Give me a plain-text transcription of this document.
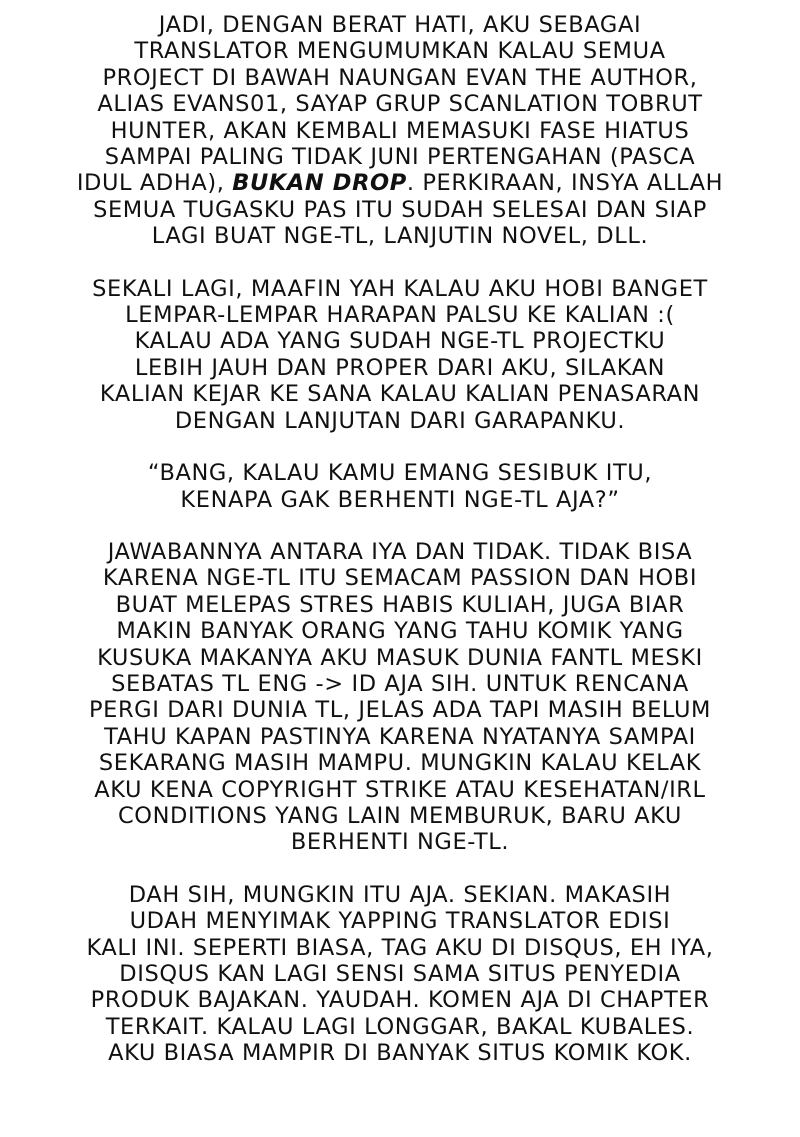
JADI, DENGAN BERAT HATI, AKU SEBAGAI
TRANSLATOR MENGUMUMKAN KALAU SEMUA
PROJECT DI BAWAH NAUNGAN EVAN THE AUTHOR,
ALIAS EVANS01, SAYAP GRUP SCANLATION TOBRUT
HUNTER, AKAN KEMBALI MEMASUKI FASE HIATUS
SAMPAI PALING TIDAK JUNI PERTENGAHAN (PASCA
IDUL ADHA), BUKAN DROP. PERKIRAAN, INSYA ALLAH
SEMUA TUGASKU PAS ITU SUDAH SELESAI DAN SIAP
LAGI BUAT NGE-TL, LANJUTIN NOVEL, DLL.

SEKALI LAGI, MAAFIN YAH KALAU AKU HOBI BANGET
LEMPAR-LEMPAR HARAPAN PALSU KE KALIAN :(
KALAU ADA YANG SUDAH NGE-TL PROJECTKU
LEBIH JAUH DAN PROPER DARI AKU, SILAKAN
KALIAN KEJAR KE SANA KALAU KALIAN PENASARAN
DENGAN LANJUTAN DARI GARAPANKU.

“BANG, KALAU KAMU EMANG SESIBUK ITU,
KENAPA GAK BERHENTI NGE-TL AJA?”

JAWABANNYA ANTARA IYA DAN TIDAK. TIDAK BISA
KARENA NGE-TL ITU SEMACAM PASSION DAN HOBI
BUAT MELEPAS STRES HABIS KULIAH, JUGA BIAR
MAKIN BANYAK ORANG YANG TAHU KOMIK YANG
KUSUKA MAKANYA AKU MASUK DUNIA FANTL MESKI
SEBATAS TL ENG -> ID AJA SIH. UNTUK RENCANA
PERGI DARI DUNIA TL, JELAS ADA TAPI MASIH BELUM
TAHU KAPAN PASTINYA KARENA NYATANYA SAMPAI
SEKARANG MASIH MAMPU. MUNGKIN KALAU KELAK
AKU KENA COPYRIGHT STRIKE ATAU KESEHATAN/IRL
CONDITIONS YANG LAIN MEMBURUK, BARU AKU
BERHENTI NGE-TL.

DAH SIH, MUNGKIN ITU AJA. SEKIAN. MAKASIH
UDAH MENYIMAK YAPPING TRANSLATOR EDISI
KALI INI. SEPERTI BIASA, TAG AKU DI DISQUS, EH IYA,
DISQUS KAN LAGI SENSI SAMA SITUS PENYEDIA
PRODUK BAJAKAN. YAUDAH. KOMEN AJA DI CHAPTER
TERKAIT. KALAU LAGI LONGGAR, BAKAL KUBALES.
AKU BIASA MAMPIR DI BANYAK SITUS KOMIK KOK.
